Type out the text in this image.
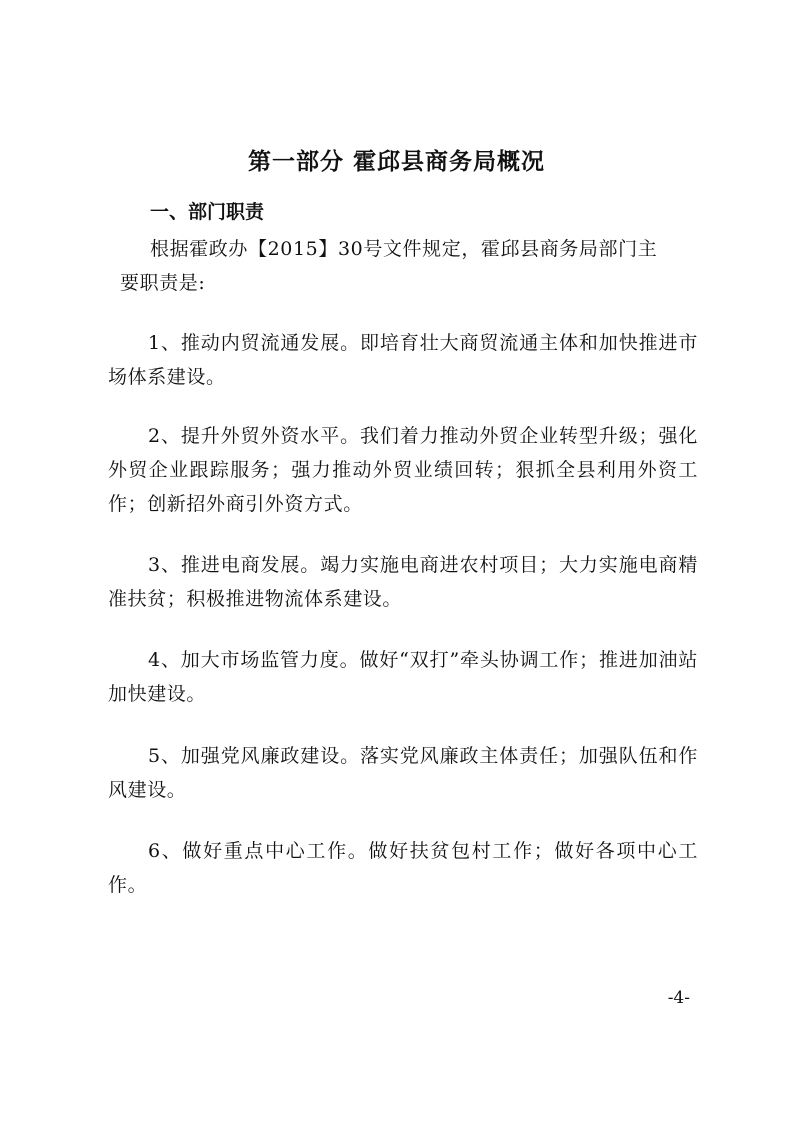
第一部分 霍邱县商务局概况
一、部门职责

根据霍政办【2015】30号文件规定，霍邱县商务局部门主

要职责是:

1、推动内贸流通发展。即培育壮大商贸流通主体和加快推进市场体系建设。

2、提升外贸外资水平。我们着力推动外贸企业转型升级；强化外贸企业跟踪服务；强力推动外贸业绩回转；狠抓全县利用外资工作；创新招外商引外资方式。

3、推进电商发展。竭力实施电商进农村项目；大力实施电商精准扶贫；积极推进物流体系建设。

4、加大市场监管力度。做好“双打”牵头协调工作；推进加油站加快建设。

5、加强党风廉政建设。落实党风廉政主体责任；加强队伍和作风建设。

6、做好重点中心工作。做好扶贫包村工作；做好各项中心工作。

-4-
